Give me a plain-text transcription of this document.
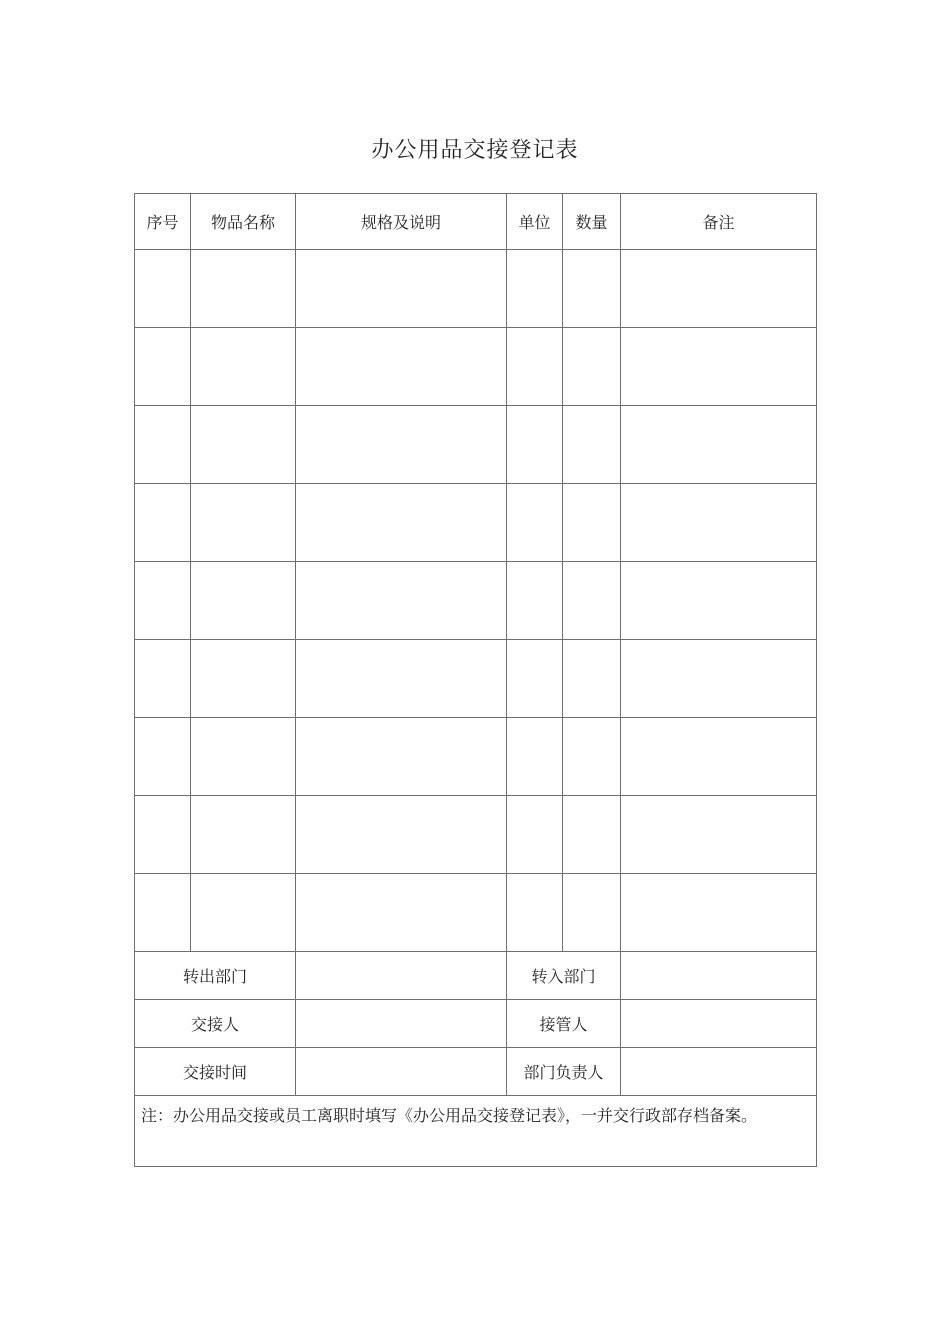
办公用品交接登记表
序号	物品名称	规格及说明	单位	数量	备注

转出部门			转入部门		
交接人			接管人		
交接时间			部门负责人		
注：办公用品交接或员工离职时填写《办公用品交接登记表》，一并交行政部存档备案。					
